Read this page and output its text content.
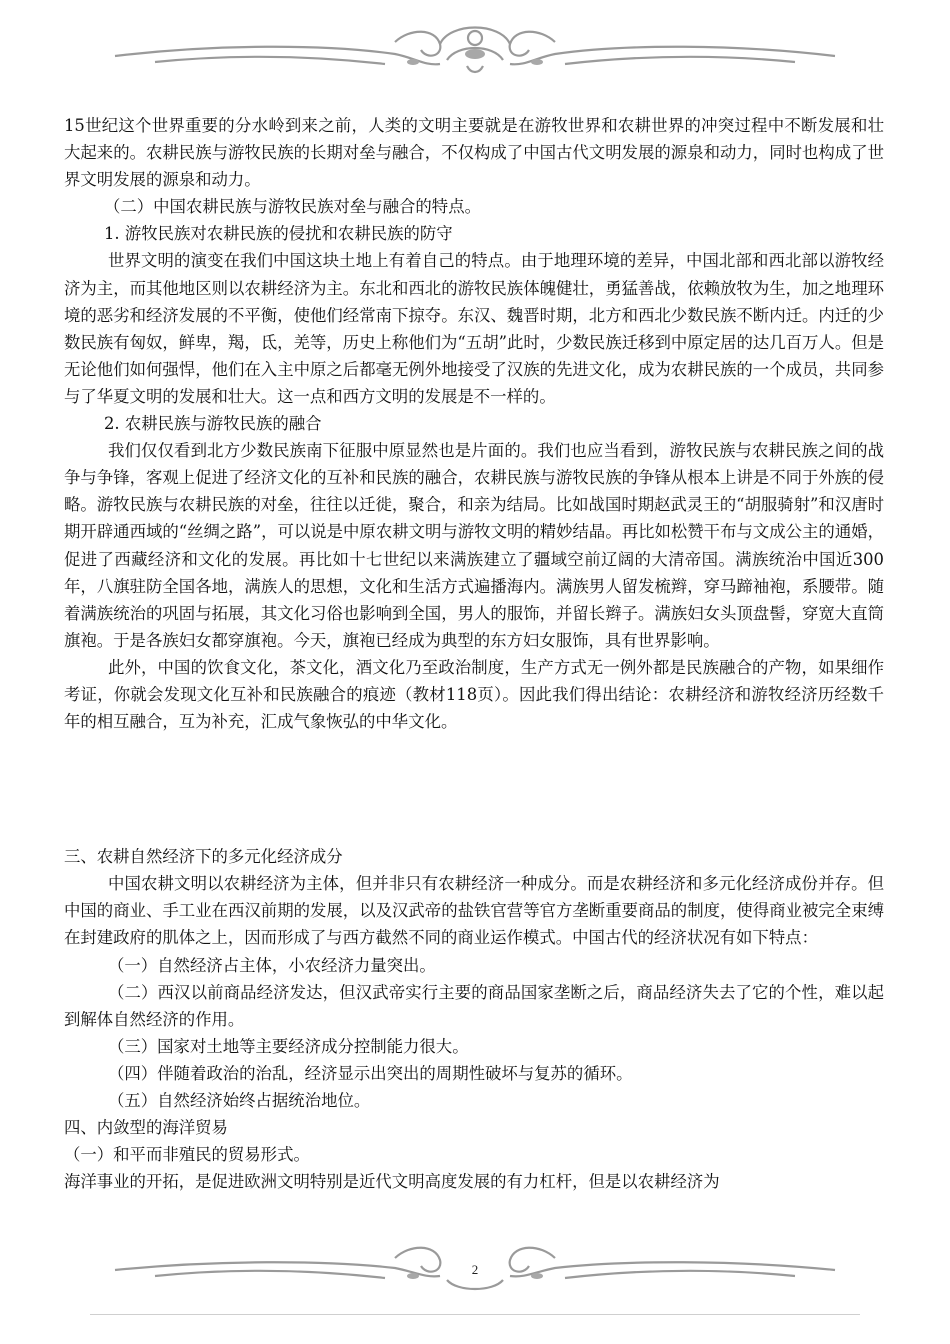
15世纪这个世界重要的分水岭到来之前，人类的文明主要就是在游牧世界和农耕世界的冲突过程中不断发展和壮大起来的。农耕民族与游牧民族的长期对垒与融合，不仅构成了中国古代文明发展的源泉和动力，同时也构成了世界文明发展的源泉和动力。

（二）中国农耕民族与游牧民族对垒与融合的特点。

1. 游牧民族对农耕民族的侵扰和农耕民族的防守

世界文明的演变在我们中国这块土地上有着自己的特点。由于地理环境的差异，中国北部和西北部以游牧经济为主，而其他地区则以农耕经济为主。东北和西北的游牧民族体魄健壮，勇猛善战，依赖放牧为生，加之地理环境的恶劣和经济发展的不平衡，使他们经常南下掠夺。东汉、魏晋时期，北方和西北少数民族不断内迁。内迁的少数民族有匈奴，鲜卑，羯，氐，羌等，历史上称他们为“五胡”此时，少数民族迁移到中原定居的达几百万人。但是无论他们如何强悍，他们在入主中原之后都毫无例外地接受了汉族的先进文化，成为农耕民族的一个成员，共同参与了华夏文明的发展和壮大。这一点和西方文明的发展是不一样的。

2. 农耕民族与游牧民族的融合

我们仅仅看到北方少数民族南下征服中原显然也是片面的。我们也应当看到，游牧民族与农耕民族之间的战争与争锋，客观上促进了经济文化的互补和民族的融合，农耕民族与游牧民族的争锋从根本上讲是不同于外族的侵略。游牧民族与农耕民族的对垒，往往以迁徙，聚合，和亲为结局。比如战国时期赵武灵王的“胡服骑射”和汉唐时期开辟通西域的“丝绸之路”，可以说是中原农耕文明与游牧文明的精妙结晶。再比如松赞干布与文成公主的通婚，促进了西藏经济和文化的发展。再比如十七世纪以来满族建立了疆域空前辽阔的大清帝国。满族统治中国近300年，八旗驻防全国各地，满族人的思想，文化和生活方式遍播海内。满族男人留发梳辫，穿马蹄袖袍，系腰带。随着满族统治的巩固与拓展，其文化习俗也影响到全国，男人的服饰，并留长辫子。满族妇女头顶盘髻，穿宽大直筒旗袍。于是各族妇女都穿旗袍。今天，旗袍已经成为典型的东方妇女服饰，具有世界影响。

此外，中国的饮食文化，茶文化，酒文化乃至政治制度，生产方式无一例外都是民族融合的产物，如果细作考证，你就会发现文化互补和民族融合的痕迹（教材118页）。因此我们得出结论：农耕经济和游牧经济历经数千年的相互融合，互为补充，汇成气象恢弘的中华文化。

三、农耕自然经济下的多元化经济成分

中国农耕文明以农耕经济为主体，但并非只有农耕经济一种成分。而是农耕经济和多元化经济成份并存。但中国的商业、手工业在西汉前期的发展，以及汉武帝的盐铁官营等官方垄断重要商品的制度，使得商业被完全束缚在封建政府的肌体之上，因而形成了与西方截然不同的商业运作模式。中国古代的经济状况有如下特点：

（一）自然经济占主体，小农经济力量突出。

（二）西汉以前商品经济发达，但汉武帝实行主要的商品国家垄断之后，商品经济失去了它的个性，难以起到解体自然经济的作用。

（三）国家对土地等主要经济成分控制能力很大。

（四）伴随着政治的治乱，经济显示出突出的周期性破坏与复苏的循环。

（五）自然经济始终占据统治地位。

四、内敛型的海洋贸易

（一）和平而非殖民的贸易形式。

海洋事业的开拓，是促进欧洲文明特别是近代文明高度发展的有力杠杆，但是以农耕经济为

2
